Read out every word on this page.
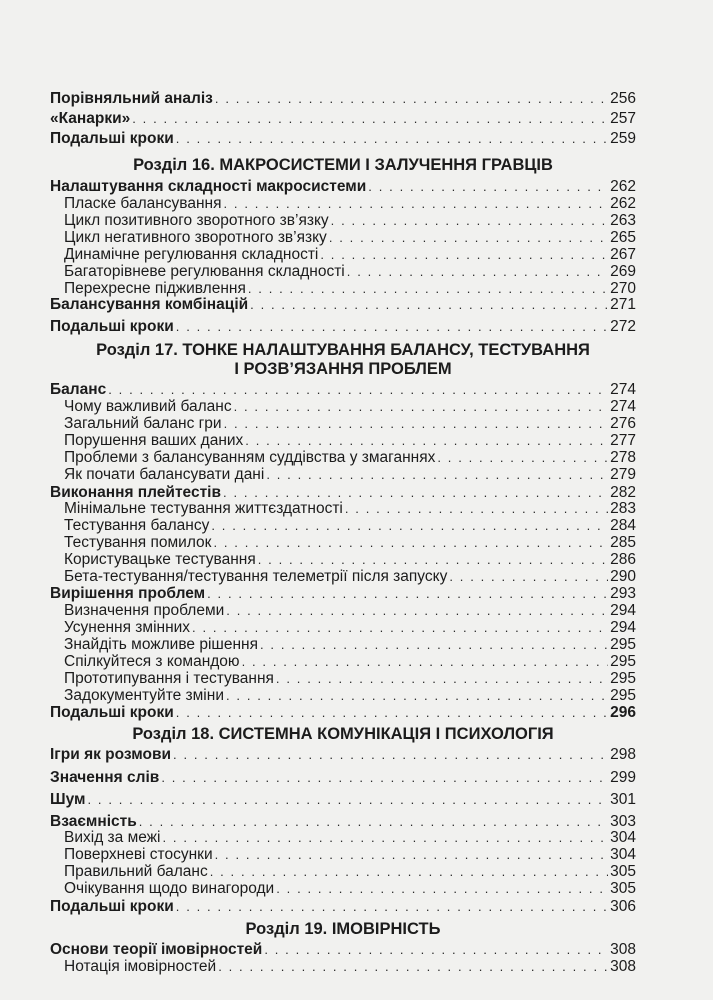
Порівняльний аналіз . . .	256
«Канарки» . . .	257
Подальші кроки . . .	259
Розділ 16. МАКРОСИСТЕМИ І ЗАЛУЧЕННЯ ГРАВЦІВ
Налаштування складності макросистеми . . .	262
Пласке балансування . . .	262
Цикл позитивного зворотного зв’язку . . .	263
Цикл негативного зворотного зв’язку . . .	265
Динамічне регулювання складності . . .	267
Багаторівневе регулювання складності . . .	269
Перехресне підживлення . . .	270
Балансування комбінацій . . .	271
Подальші кроки . . .	272
Розділ 17. ТОНКЕ НАЛАШТУВАННЯ БАЛАНСУ, ТЕСТУВАННЯ
І РОЗВ’ЯЗАННЯ ПРОБЛЕМ
Баланс . . .	274
Чому важливий баланс . . .	274
Загальний баланс гри . . .	276
Порушення ваших даних . . .	277
Проблеми з балансуванням суддівства у змаганнях . . .	278
Як почати балансувати дані . . .	279
Виконання плейтестів . . .	282
Мінімальне тестування життєздатності . . .	283
Тестування балансу . . .	284
Тестування помилок . . .	285
Користувацьке тестування . . .	286
Бета-тестування/тестування телеметрії після запуску . . .	290
Вирішення проблем . . .	293
Визначення проблеми . . .	294
Усунення змінних . . .	294
Знайдіть можливе рішення . . .	295
Спілкуйтеся з командою . . .	295
Прототипування і тестування . . .	295
Задокументуйте зміни . . .	295
Подальші кроки . . .	296
Розділ 18. СИСТЕМНА КОМУНІКАЦІЯ І ПСИХОЛОГІЯ
Ігри як розмови . . .	298
Значення слів . . .	299
Шум . . .	301
Взаємність . . .	303
Вихід за межі . . .	304
Поверхневі стосунки . . .	304
Правильний баланс . . .	305
Очікування щодо винагороди . . .	305
Подальші кроки . . .	306
Розділ 19. ІМОВІРНІСТЬ
Основи теорії імовірностей . . .	308
Нотація імовірностей . . .	308
